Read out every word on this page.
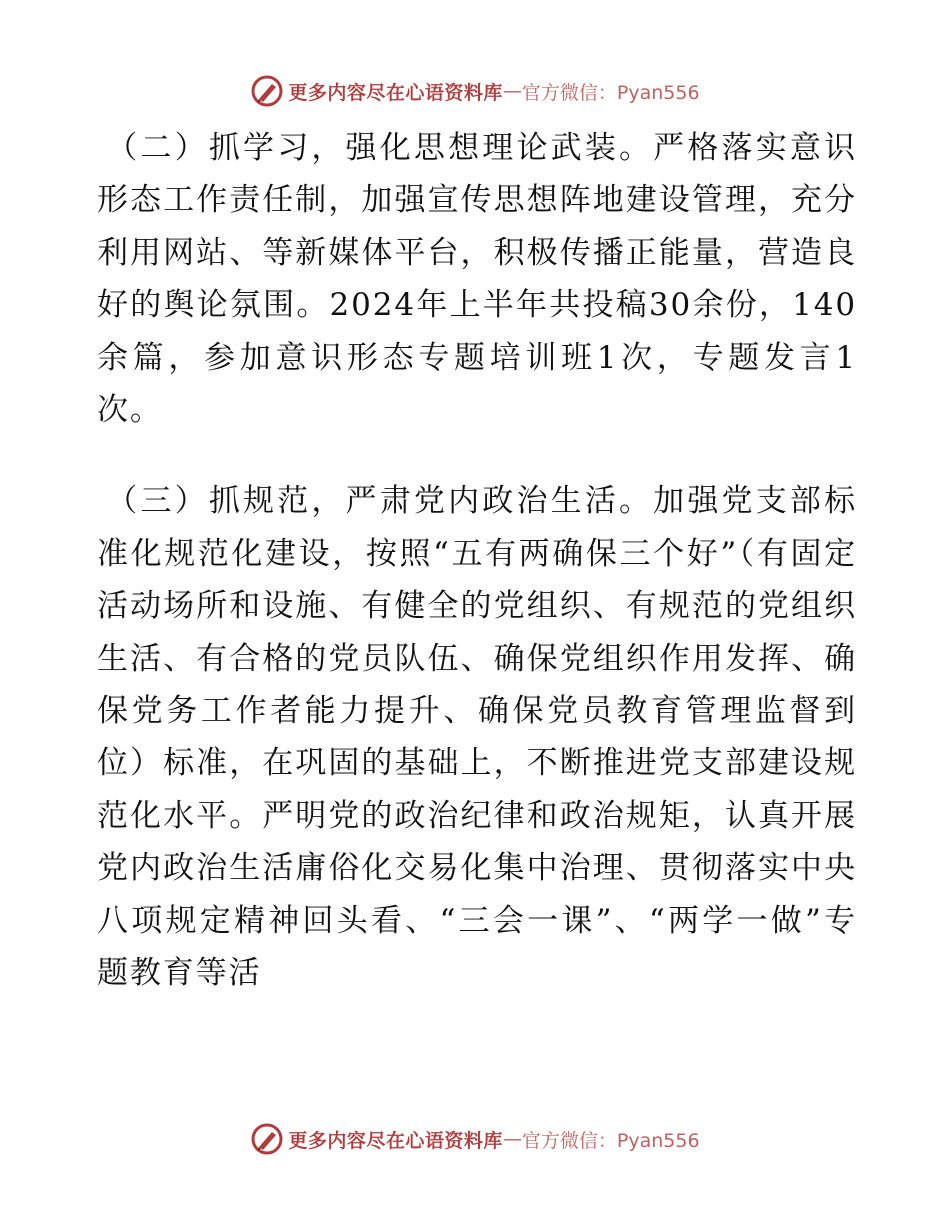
更多内容尽在心语资料库 — 官方微信：Pyan556

（二）抓学习，强化思想理论武装。严格落实意识形态工作责任制，加强宣传思想阵地建设管理，充分利用网站、等新媒体平台，积极传播正能量，营造良好的舆论氛围。2024年上半年共投稿30余份，140余篇，参加意识形态专题培训班1次，专题发言1次。

（三）抓规范，严肃党内政治生活。加强党支部标准化规范化建设，按照“五有两确保三个好”（有固定活动场所和设施、有健全的党组织、有规范的党组织生活、有合格的党员队伍、确保党组织作用发挥、确保党务工作者能力提升、确保党员教育管理监督到位）标准，在巩固的基础上，不断推进党支部建设规范化水平。严明党的政治纪律和政治规矩，认真开展党内政治生活庸俗化交易化集中治理、贯彻落实中央八项规定精神回头看、“三会一课”、“两学一做”专题教育等活

更多内容尽在心语资料库 — 官方微信：Pyan556
